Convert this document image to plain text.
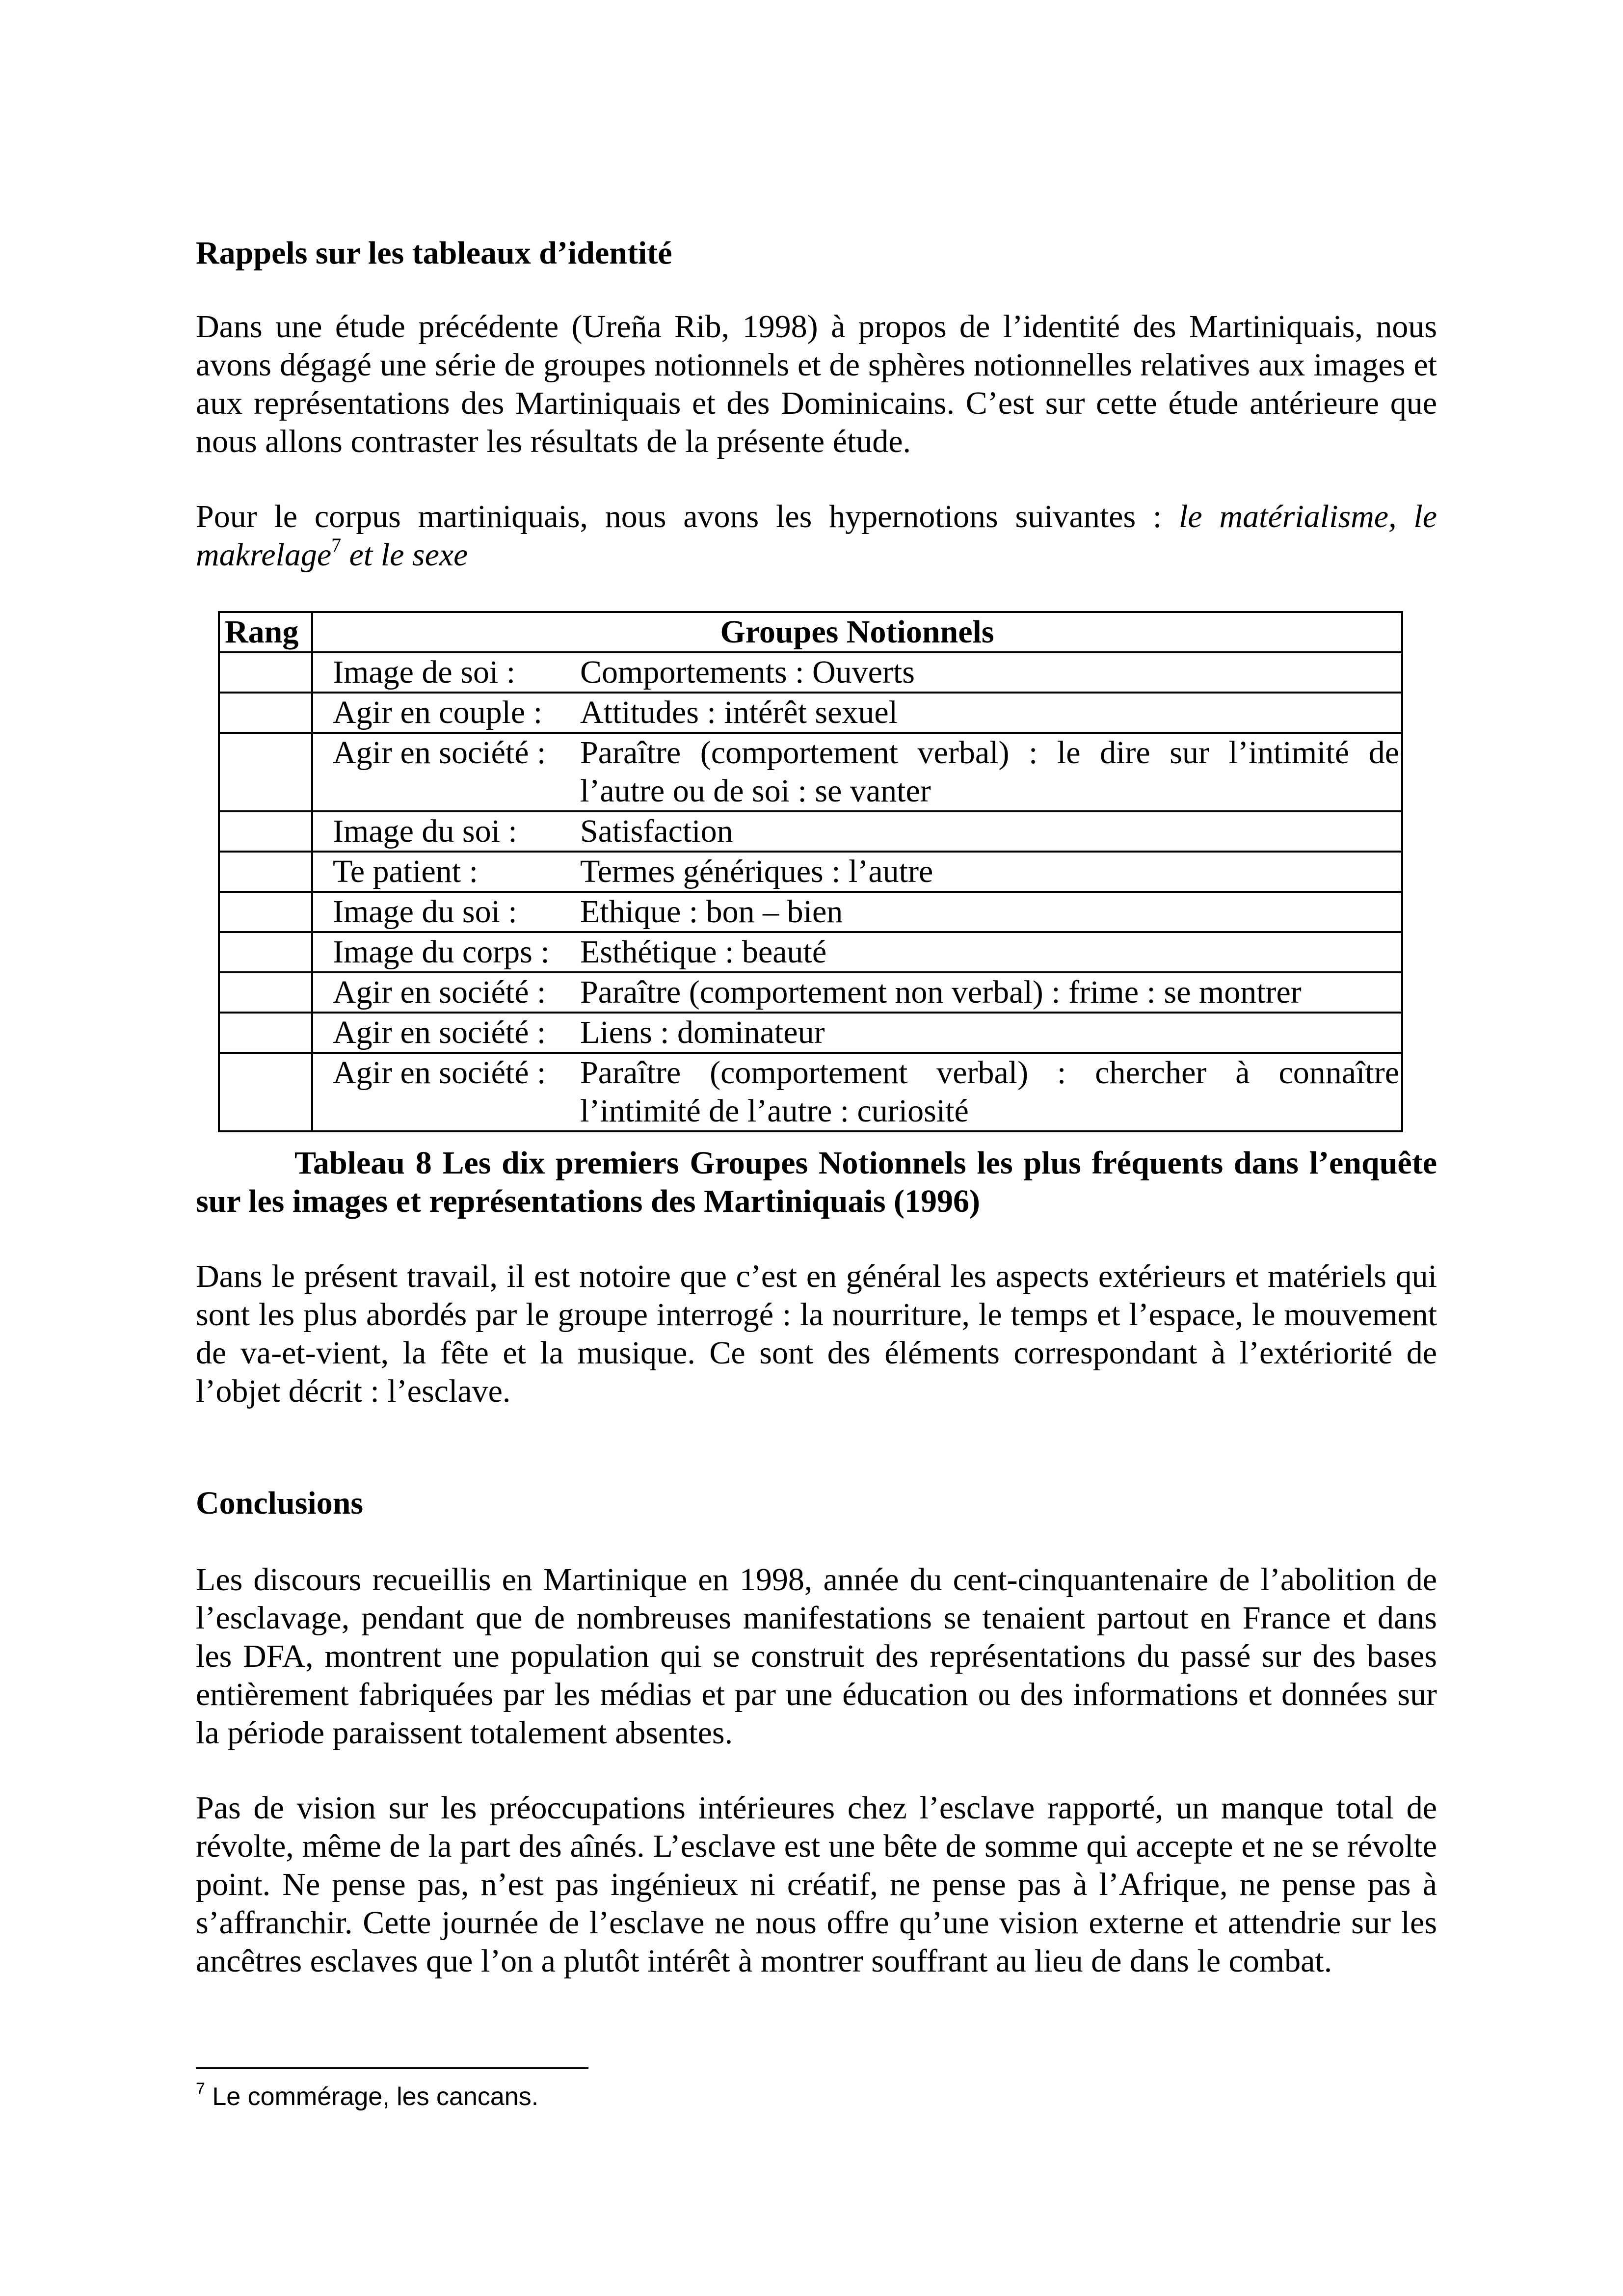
Rappels sur les tableaux d’identité

Dans une étude précédente (Ureña Rib, 1998) à propos de l’identité des Martiniquais, nous avons dégagé une série de groupes notionnels et de sphères notionnelles relatives aux images et aux représentations des Martiniquais et des Dominicains. C’est sur cette étude antérieure que nous allons contraster les résultats de la présente étude.

Pour le corpus martiniquais, nous avons les hypernotions suivantes : le matérialisme, le makrelage$^7$ et le sexe

Rang	Groupes Notionnels

	Image de soi : Comportements : Ouverts

	Agir en couple : Attitudes : intérêt sexuel

	Agir en société : Paraître (comportement verbal) : le dire sur l’intimité de l’autre ou de soi : se vanter

	Image du soi : Satisfaction

	Te patient : Termes génériques : l’autre

	Image du soi : Ethique : bon – bien

	Image du corps : Esthétique : beauté

	Agir en société : Paraître (comportement non verbal) : frime : se montrer

	Agir en société : Liens : dominateur

	Agir en société : Paraître (comportement verbal) : chercher à connaître l’intimité de l’autre : curiosité

Tableau 8 Les dix premiers Groupes Notionnels les plus fréquents dans l’enquête sur les images et représentations des Martiniquais (1996)

Dans le présent travail, il est notoire que c’est en général les aspects extérieurs et matériels qui sont les plus abordés par le groupe interrogé : la nourriture, le temps et l’espace, le mouvement de va-et-vient, la fête et la musique. Ce sont des éléments correspondant à l’extériorité de l’objet décrit : l’esclave.

Conclusions

Les discours recueillis en Martinique en 1998, année du cent-cinquantenaire de l’abolition de l’esclavage, pendant que de nombreuses manifestations se tenaient partout en France et dans les DFA, montrent une population qui se construit des représentations du passé sur des bases entièrement fabriquées par les médias et par une éducation ou des informations et données sur la période paraissent totalement absentes.

Pas de vision sur les préoccupations intérieures chez l’esclave rapporté, un manque total de révolte, même de la part des aînés. L’esclave est une bête de somme qui accepte et ne se révolte point. Ne pense pas, n’est pas ingénieux ni créatif, ne pense pas à l’Afrique, ne pense pas à s’affranchir. Cette journée de l’esclave ne nous offre qu’une vision externe et attendrie sur les ancêtres esclaves que l’on a plutôt intérêt à montrer souffrant au lieu de dans le combat.

$^7$ Le commérage, les cancans.
